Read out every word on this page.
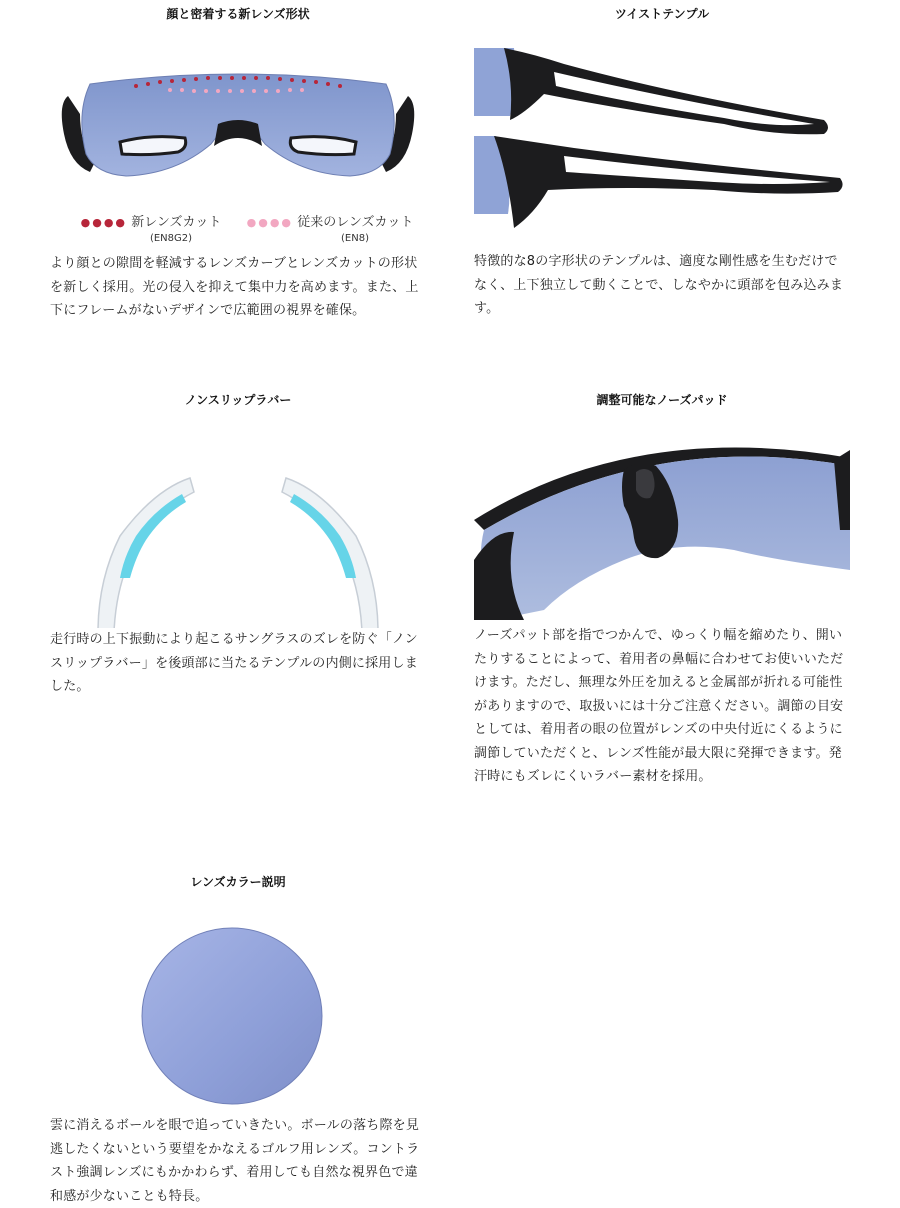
顔と密着する新レンズ形状
●●●● 新レンズカット
(EN8G2)
●●●● 従来のレンズカット
(EN8)

より顔との隙間を軽減するレンズカーブとレンズカットの形状を新しく採用。光の侵入を抑えて集中力を高めます。また、上下にフレームがないデザインで広範囲の視界を確保。

ツイストテンプル
SWANS

特徴的な8の字形状のテンプルは、適度な剛性感を生むだけでなく、上下独立して動くことで、しなやかに頭部を包み込みます。

ノンスリップラバー

走行時の上下振動により起こるサングラスのズレを防ぐ「ノンスリップラバー」を後頭部に当たるテンプルの内側に採用しました。

調整可能なノーズパッド

ノーズパット部を指でつかんで、ゆっくり幅を縮めたり、開いたりすることによって、着用者の鼻幅に合わせてお使いいただけます。ただし、無理な外圧を加えると金属部が折れる可能性がありますので、取扱いには十分ご注意ください。調節の目安としては、着用者の眼の位置がレンズの中央付近にくるように調節していただくと、レンズ性能が最大限に発揮できます。発汗時にもズレにくいラバー素材を採用。

レンズカラー説明

雲に消えるボールを眼で追っていきたい。ボールの落ち際を見逃したくないという要望をかなえるゴルフ用レンズ。コントラスト強調レンズにもかかわらず、着用しても自然な視界色で違和感が少ないことも特長。
